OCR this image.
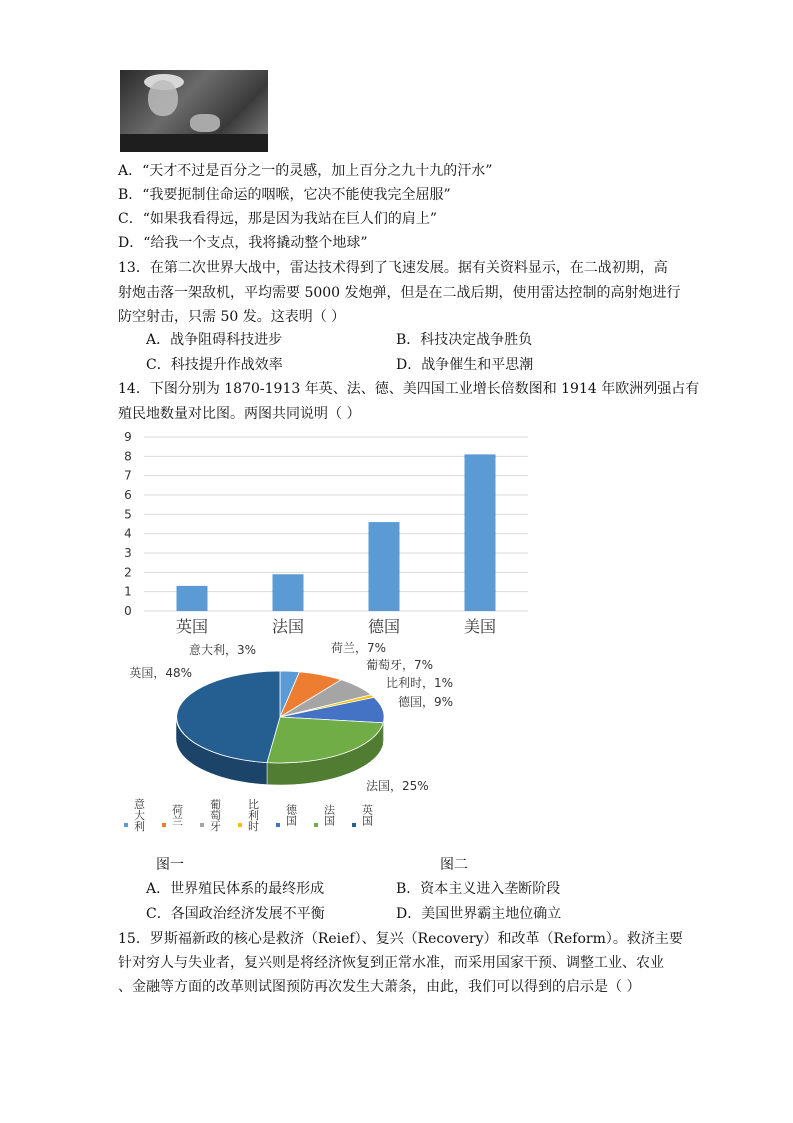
A．“天才不过是百分之一的灵感，加上百分之九十九的汗水”
B．“我要扼制住命运的咽喉，它决不能使我完全屈服”
C．“如果我看得远，那是因为我站在巨人们的肩上”
D．“给我一个支点，我将撬动整个地球”
13．在第二次世界大战中，雷达技术得到了飞速发展。据有关资料显示，在二战初期，高
射炮击落一架敌机，平均需要 5000 发炮弹，但是在二战后期，使用雷达控制的高射炮进行
防空射击，只需 50 发。这表明（ ）
A．战争阻碍科技进步	B．科技决定战争胜负
C．科技提升作战效率	D．战争催生和平思潮
14．下图分别为 1870-1913 年英、法、德、美四国工业增长倍数图和 1914 年欧洲列强占有
殖民地数量对比图。两图共同说明（ ）
0
1
2
3
4
5
6
7
8
9
英国	法国	德国	美国
意大利，3%	荷兰，7%
葡萄牙，7%
比利时，1%
德国，9%
法国，25%
英国，48%
意大利 荷兰 葡萄牙 比利时 德国 法国 英国
图一	图二
A．世界殖民体系的最终形成	B．资本主义进入垄断阶段
C．各国政治经济发展不平衡	D．美国世界霸主地位确立
15．罗斯福新政的核心是救济（Reief）、复兴（Recovery）和改革（Reform）。救济主要
针对穷人与失业者，复兴则是将经济恢复到正常水准，而采用国家干预、调整工业、农业
、金融等方面的改革则试图预防再次发生大萧条，由此，我们可以得到的启示是（ ）
